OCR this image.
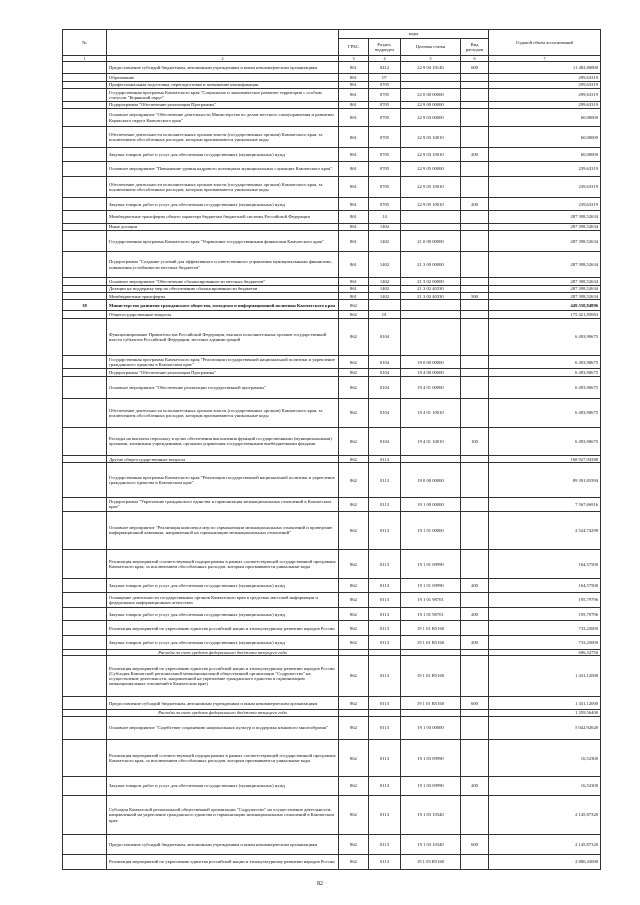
№		коды				Годовой объем ассигнований
		ГРБС	Раздел, подраздел	Целевая статья	Вид расходов	
1	2	3	4	5	6	7
	Предоставление субсидий бюджетным, автономным учреждениям и иным некоммерческим организациям	861	0412	22 9 04 10140	600	11 482,80000
	Образование	861	07			299,63319
	Профессиональная подготовка, переподготовка и повышение квалификации	861	0705			299,63319
	Государственная программа Камчатского края "Социальное и экономическое развитие территории с особым статусом "Корякский округ"	861	0705	22 0 00 00000		299,63319
	Подпрограмма "Обеспечение реализации Программы"	861	0705	22 9 00 00000		299,63319
	Основное мероприятие "Обеспечение деятельности Министерства по делам местного самоуправления и развитию Корякского округа Камчатского края"	861	0705	22 9 03 00000		60,00000
	Обеспечение деятельности исполнительных органов власти (государственных органов) Камчатского края, за исключением обособленных расходов, которым присваиваются уникальные коды	861	0705	22 9 03 10010		60,00000
	Закупка товаров, работ и услуг для обеспечения государственных (муниципальных) нужд	861	0705	22 9 03 10010	200	60,00000
	Основное мероприятие "Повышение уровня кадрового потенциала муниципальных служащих Камчатского края"	861	0705	22 9 05 00000		239,63319
	Обеспечение деятельности исполнительных органов власти (государственных органов) Камчатского края, за исключением обособленных расходов, которым присваиваются уникальные коды	861	0705	22 9 05 10010		239,63319
	Закупка товаров, работ и услуг для обеспечения государственных (муниципальных) нужд	861	0705	22 9 05 10010	200	239,63319
	Межбюджетные трансферты общего характера бюджетам бюджетной системы Российской Федерации	861	14			287 398,52634
	Иные дотации	861	1402			287 398,52634
	Государственная программа Камчатского края "Управление государственными финансами Камчатского края"	861	1402	21 0 00 00000		287 398,52634
	Подпрограмма "Создание условий для эффективного и ответственного управления муниципальными финансами, повышения устойчивости местных бюджетов"	861	1402	21 3 00 00000		287 398,52634
	Основное мероприятие "Обеспечение сбалансированности местных бюджетов"	861	1402	21 3 02 00000		287 398,52634
	Дотации на поддержку мер по обеспечению сбалансированности бюджетов	861	1402	21 3 02 40330		287 398,52634
	Межбюджетные трансферты	861	1402	21 3 02 40330	500	287 398,52634
38	Министерство развития гражданского общества, молодежи и информационной политики Камчатского края	862				449 558,84896
	Общегосударственные вопросы	862	01			175 421,85063
	Функционирование Правительства Российской Федерации, высших исполнительных органов государственной власти субъектов Российской Федерации, местных администраций	862	0104			6 493,90675
	Государственная программа Камчатского края "Реализация государственной национальной политики и укрепление гражданского единства в Камчатском крае"	862	0104	19 0 00 00000		6 493,90675
	Подпрограмма "Обеспечение реализации Программы"	862	0104	19 4 00 00000		6 493,90675
	Основное мероприятие "Обеспечение реализации государственной программы"	862	0104	19 4 01 00000		6 493,90675
	Обеспечение деятельности исполнительных органов власти (государственных органов) Камчатского края, за исключением обособленных расходов, которым присваиваются уникальные коды	862	0104	19 4 01 10010		6 493,90675
	Расходы на выплаты персоналу в целях обеспечения выполнения функций государственными (муниципальными) органами, казенными учреждениями, органами управления государственными внебюджетными фондами	862	0104	19 4 01 10010	100	6 493,90675
	Другие общегосударственные вопросы	862	0113			168 927,94388
	Государственная программа Камчатского края "Реализация государственной национальной политики и укрепление гражданского единства в Камчатском крае"	862	0113	19 0 00 00000		89 391,83394
	Подпрограмма "Укрепление гражданского единства и гармонизация межнациональных отношений в Камчатском крае"	862	0113	19 1 00 00000		7 567,66916
	Основное мероприятие "Реализация комплекса мер по гармонизации межнациональных отношений и проведение информационной кампании, направленной на гармонизацию межнациональных отношений"	862	0113	19 1 01 00000		2 524,74299
	Реализация мероприятий соответствующей подпрограммы в рамках соответствующей государственной программы Камчатского края, за исключением обособленных расходов, которым присваиваются уникальные коды	862	0113	19 1 01 09990		164,57500
	Закупка товаров, работ и услуг для обеспечения государственных (муниципальных) нужд	862	0113	19 1 01 09990	200	164,57500
	Оснащение деятельности государственных органов Камчатского края в средствах массовой информации и федеральных информационных агентствах	862	0113	19 1 01 98701		195,79796
	Закупка товаров, работ и услуг для обеспечения государственных (муниципальных) нужд	862	0113	19 1 01 98701	200	195,79796
	Реализация мероприятий по укреплению единства российской нации и этнокультурному развитию народов России	862	0113	19 1 01 R5160		733,25000
	Закупка товаров, работ и услуг для обеспечения государственных (муниципальных) нужд	862	0113	19 1 01 R5160	200	733,25000
	Расходы за счет средств федерального бюджета текущего года					696,32750
	Реализация мероприятий по укреплению единства российской нации и этнокультурному развитию народов России (Субсидия Камчатской региональной межнациональной общественной организации "Содружество" на осуществление деятельности, направленной на укрепление гражданского единства и гармонизацию межнациональных отношений в Камчатском крае)	862	0113	19 1 01 R5160		1 431,12000
	Предоставление субсидий бюджетным, автономным учреждениям и иным некоммерческим организациям	862	0113	19 1 01 R5160	600	1 431,12000
	Расходы за счет средств федерального бюджета текущего года					1 359,56400
	Основное мероприятие "Содействие сохранению национальных культур и поддержка языкового многообразия"	862	0113	19 1 03 00000		5 042,92620
	Реализация мероприятий соответствующей подпрограммы в рамках соответствующей государственной программы Камчатского края, за исключением обособленных расходов, которым присваиваются уникальные коды	862	0113	19 1 03 09990		16,52300
	Закупка товаров, работ и услуг для обеспечения государственных (муниципальных) нужд	862	0113	19 1 03 09990	200	16,52300
	Субсидия Камчатской региональной общественной организации "Содружество" на осуществление деятельности, направленной на укрепление гражданского единства и гармонизацию межнациональных отношений в Камчатском крае	862	0113	19 1 03 10340		2 145,87320
	Предоставление субсидий бюджетным, автономным учреждениям и иным некоммерческим организациям	862	0113	19 1 03 10340	600	2 145,87320
	Реализация мероприятий по укреплению единства российской нации и этнокультурному развитию народов России	862	0113	19 1 03 R5160		2 880,43000
82
